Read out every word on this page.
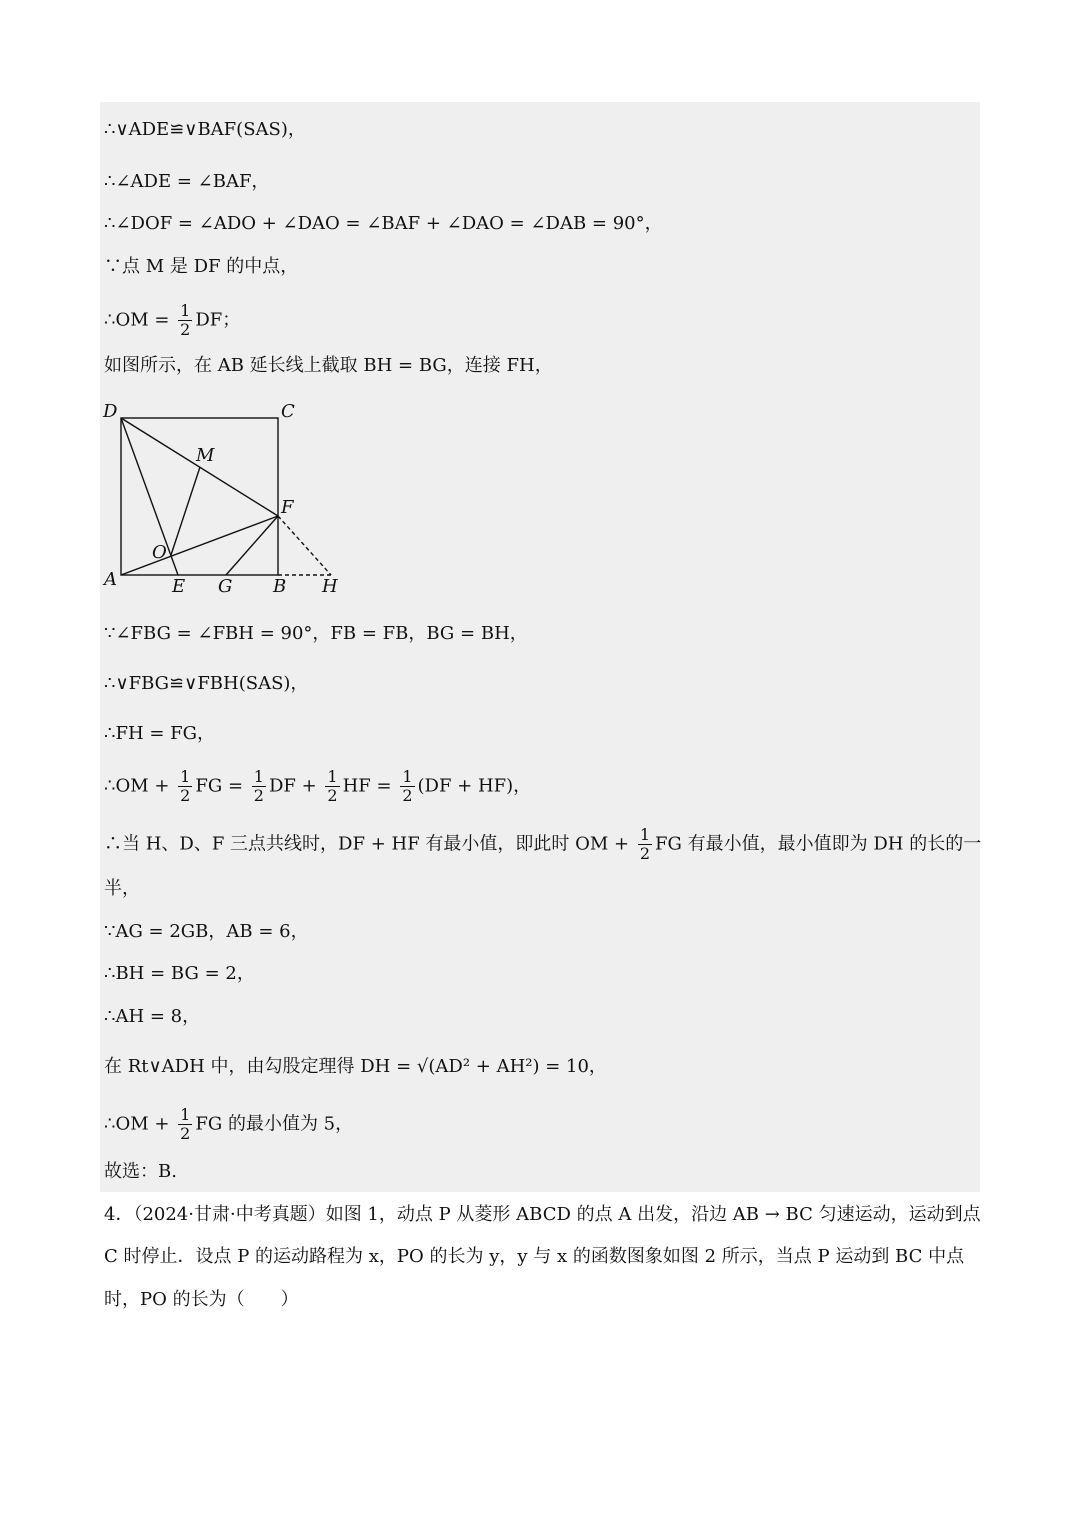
∴∨ADE≌∨BAF(SAS)，
∴∠ADE = ∠BAF，
∴∠DOF = ∠ADO + ∠DAO = ∠BAF + ∠DAO = ∠DAB = 90°，
∵点 M 是 DF 的中点，
∴OM = $\frac{1}{2}$ DF；
如图所示，在 AB 延长线上截取 BH = BG，连接 FH，
D	C
M
F
O
A	E G B H
∵∠FBG = ∠FBH = 90°，FB = FB，BG = BH，
∴∨FBG≌∨FBH(SAS)，
∴FH = FG，
∴OM + $\frac{1}{2}$ FG = $\frac{1}{2}$ DF + $\frac{1}{2}$ HF = $\frac{1}{2} (DF + HF)$，
∴当 H、D、F 三点共线时，DF + HF 有最小值，即此时 OM + $\frac{1}{2}$ FG 有最小值，最小值即为 DH 的长的一
半，
∵AG = 2GB，AB = 6，
∴BH = BG = 2，
∴AH = 8，
在 Rt∨ADH 中，由勾股定理得 DH = √(AD² + AH²) = 10，
∴OM + $\frac{1}{2}$ FG 的最小值为 5，
故选：B.
4．（2024·甘肃·中考真题）如图 1，动点 P 从菱形 ABCD 的点 A 出发，沿边 AB → BC 匀速运动，运动到点
C 时停止．设点 P 的运动路程为 x，PO 的长为 y，y 与 x 的函数图象如图 2 所示，当点 P 运动到 BC 中点
时，PO 的长为（　　）
